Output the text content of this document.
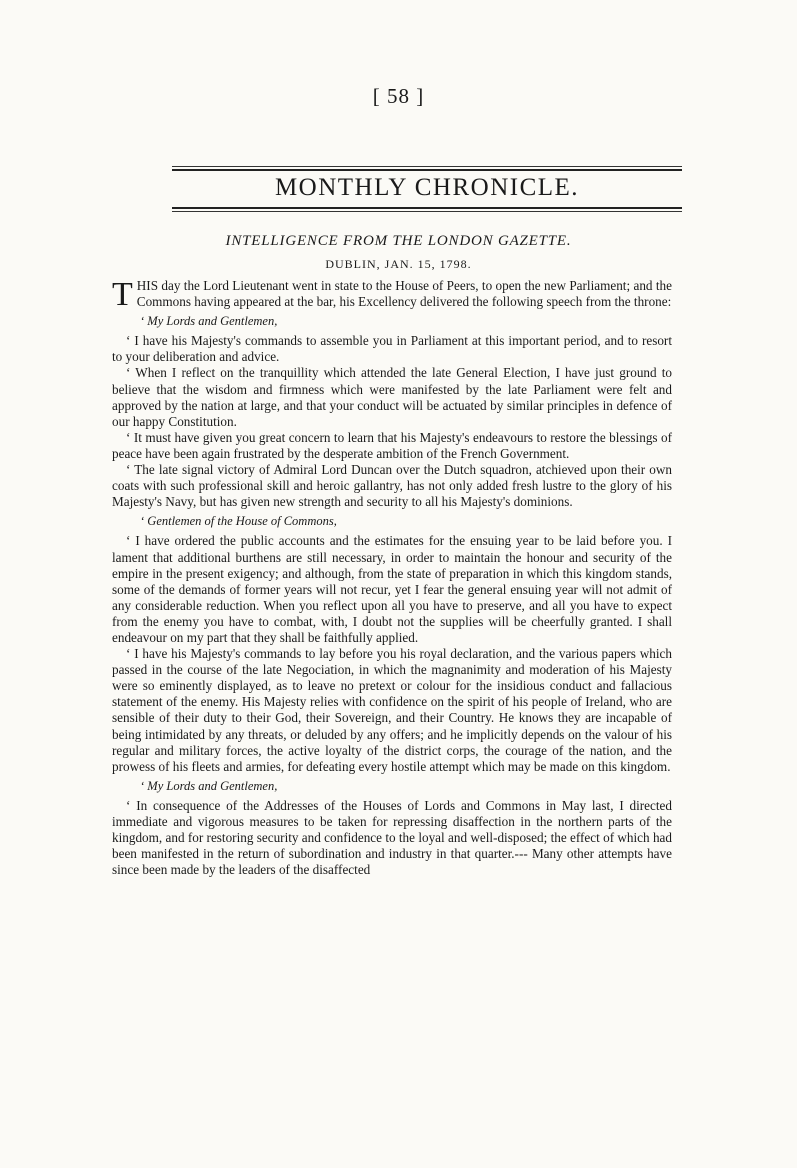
[ 58 ]
MONTHLY CHRONICLE.
INTELLIGENCE FROM THE LONDON GAZETTE.
DUBLIN, JAN. 15, 1798.

THIS day the Lord Lieutenant went in state to the House of Peers, to open the new Parliament; and the Commons having appeared at the bar, his Excellency delivered the following speech from the throne:

‘ My Lords and Gentlemen,

‘ I have his Majesty's commands to assemble you in Parliament at this important period, and to resort to your deliberation and advice.

‘ When I reflect on the tranquillity which attended the late General Election, I have just ground to believe that the wisdom and firmness which were manifested by the late Parliament were felt and approved by the nation at large, and that your conduct will be actuated by similar principles in defence of our happy Constitution.

‘ It must have given you great concern to learn that his Majesty's endeavours to restore the blessings of peace have been again frustrated by the desperate ambition of the French Government.

‘ The late signal victory of Admiral Lord Duncan over the Dutch squadron, atchieved upon their own coats with such professional skill and heroic gallantry, has not only added fresh lustre to the glory of his Majesty's Navy, but has given new strength and security to all his Majesty's dominions.

‘ Gentlemen of the House of Commons,

‘ I have ordered the public accounts and the estimates for the ensuing year to be laid before you. I lament that additional burthens are still necessary, in order to maintain the honour and security of the empire in the present exigency; and although, from the state of preparation in which this kingdom stands, some of the demands of former years will not recur, yet I fear the general ensuing year will not admit of any considerable reduction. When you reflect upon all you have to preserve, and all you have to expect from the enemy you have to combat, with, I doubt not the supplies will be cheerfully granted. I shall endeavour on my part that they shall be faithfully applied.

‘ I have his Majesty's commands to lay before you his royal declaration, and the various papers which passed in the course of the late Negociation, in which the magnanimity and moderation of his Majesty were so eminently displayed, as to leave no pretext or colour for the insidious conduct and fallacious statement of the enemy. His Majesty relies with confidence on the spirit of his people of Ireland, who are sensible of their duty to their God, their Sovereign, and their Country. He knows they are incapable of being intimidated by any threats, or deluded by any offers; and he implicitly depends on the valour of his regular and military forces, the active loyalty of the district corps, the courage of the nation, and the prowess of his fleets and armies, for defeating every hostile attempt which may be made on this kingdom.

‘ My Lords and Gentlemen,

‘ In consequence of the Addresses of the Houses of Lords and Commons in May last, I directed immediate and vigorous measures to be taken for repressing disaffection in the northern parts of the kingdom, and for restoring security and confidence to the loyal and well-disposed; the effect of which had been manifested in the return of subordination and industry in that quarter.--- Many other attempts have since been made by the leaders of the disaffected
